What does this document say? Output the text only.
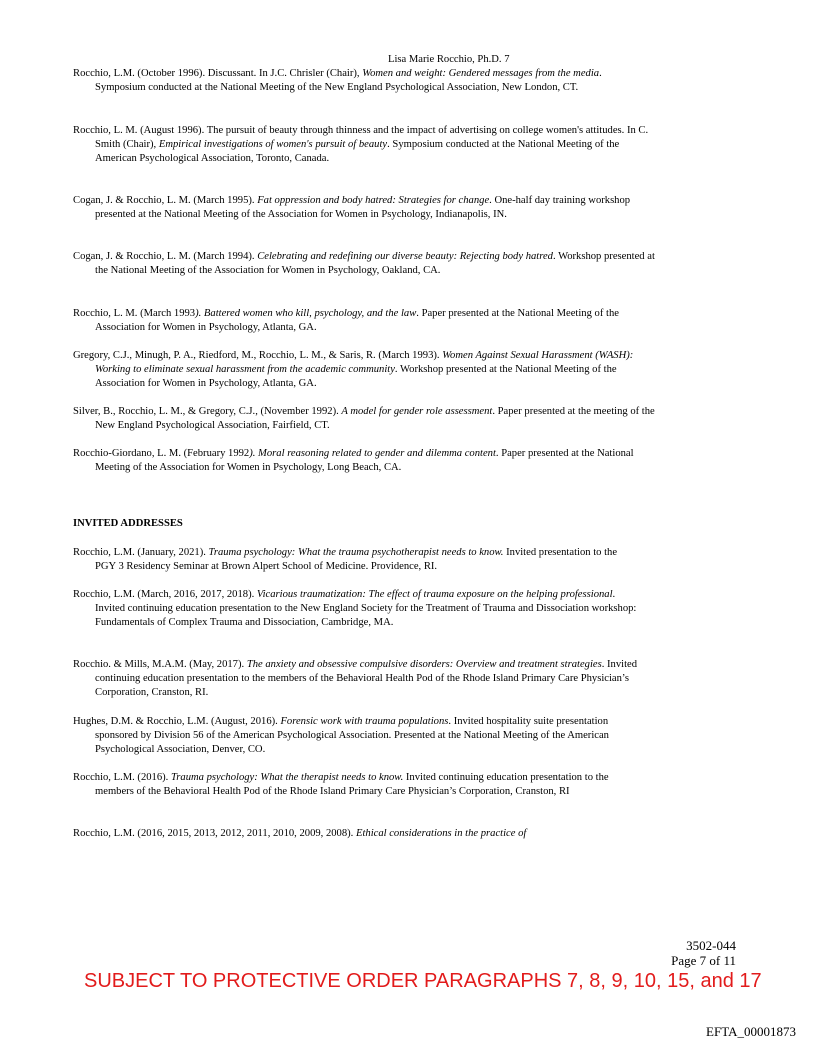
Lisa Marie Rocchio, Ph.D. 7
Rocchio, L.M. (October 1996). Discussant. In J.C. Chrisler (Chair), Women and weight: Gendered messages from the media. Symposium conducted at the National Meeting of the New England Psychological Association, New London, CT.
Rocchio, L. M. (August 1996). The pursuit of beauty through thinness and the impact of advertising on college women's attitudes. In C. Smith (Chair), Empirical investigations of women's pursuit of beauty. Symposium conducted at the National Meeting of the American Psychological Association, Toronto, Canada.
Cogan, J. & Rocchio, L. M. (March 1995). Fat oppression and body hatred: Strategies for change. One-half day training workshop presented at the National Meeting of the Association for Women in Psychology, Indianapolis, IN.
Cogan, J. & Rocchio, L. M. (March 1994). Celebrating and redefining our diverse beauty: Rejecting body hatred. Workshop presented at the National Meeting of the Association for Women in Psychology, Oakland, CA.
Rocchio, L. M. (March 1993). Battered women who kill, psychology, and the law. Paper presented at the National Meeting of the Association for Women in Psychology, Atlanta, GA.
Gregory, C.J., Minugh, P. A., Riedford, M., Rocchio, L. M., & Saris, R. (March 1993). Women Against Sexual Harassment (WASH): Working to eliminate sexual harassment from the academic community. Workshop presented at the National Meeting of the Association for Women in Psychology, Atlanta, GA.
Silver, B., Rocchio, L. M., & Gregory, C.J., (November 1992). A model for gender role assessment. Paper presented at the meeting of the New England Psychological Association, Fairfield, CT.
Rocchio-Giordano, L. M. (February 1992). Moral reasoning related to gender and dilemma content. Paper presented at the National Meeting of the Association for Women in Psychology, Long Beach, CA.
INVITED ADDRESSES
Rocchio, L.M. (January, 2021). Trauma psychology: What the trauma psychotherapist needs to know. Invited presentation to the PGY 3 Residency Seminar at Brown Alpert School of Medicine. Providence, RI.
Rocchio, L.M. (March, 2016, 2017, 2018). Vicarious traumatization: The effect of trauma exposure on the helping professional. Invited continuing education presentation to the New England Society for the Treatment of Trauma and Dissociation workshop: Fundamentals of Complex Trauma and Dissociation, Cambridge, MA.
Rocchio. & Mills, M.A.M. (May, 2017). The anxiety and obsessive compulsive disorders: Overview and treatment strategies. Invited continuing education presentation to the members of the Behavioral Health Pod of the Rhode Island Primary Care Physician’s Corporation, Cranston, RI.
Hughes, D.M. & Rocchio, L.M. (August, 2016). Forensic work with trauma populations. Invited hospitality suite presentation sponsored by Division 56 of the American Psychological Association. Presented at the National Meeting of the American Psychological Association, Denver, CO.
Rocchio, L.M. (2016). Trauma psychology: What the therapist needs to know. Invited continuing education presentation to the members of the Behavioral Health Pod of the Rhode Island Primary Care Physician’s Corporation, Cranston, RI
Rocchio, L.M. (2016, 2015, 2013, 2012, 2011, 2010, 2009, 2008). Ethical considerations in the practice of
3502-044
Page 7 of 11
SUBJECT TO PROTECTIVE ORDER PARAGRAPHS 7, 8, 9, 10, 15, and 17
EFTA_00001873
